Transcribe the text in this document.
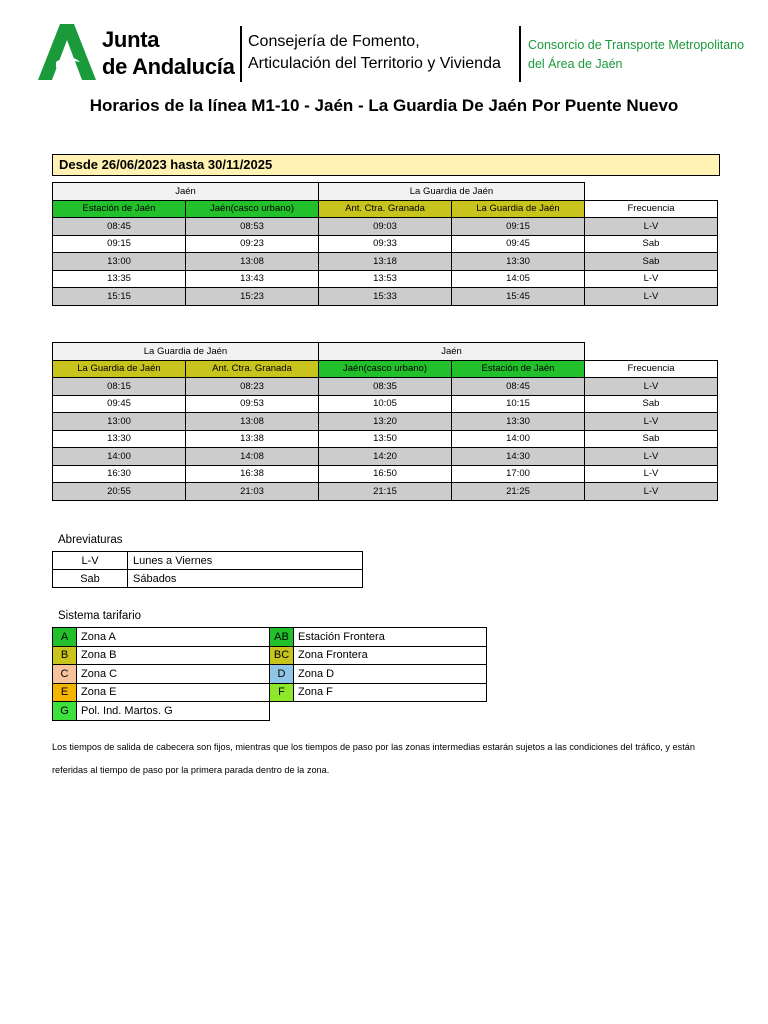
Junta
de Andalucía
Consejería de Fomento,
Articulación del Territorio y Vivienda
Consorcio de Transporte Metropolitano
del Área de Jaén
Horarios de la línea M1-10 - Jaén - La Guardia De Jaén Por Puente Nuevo
Desde 26/06/2023 hasta 30/11/2025
Jaén		La Guardia de Jaén		
Estación de Jaén	Jaén(casco urbano)	Ant. Ctra. Granada	La Guardia de Jaén	Frecuencia
08:45	08:53	09:03	09:15	L-V
09:15	09:23	09:33	09:45	Sab
13:00	13:08	13:18	13:30	Sab
13:35	13:43	13:53	14:05	L-V
15:15	15:23	15:33	15:45	L-V
La Guardia de Jaén		Jaén		
La Guardia de Jaén	Ant. Ctra. Granada	Jaén(casco urbano)	Estación de Jaén	Frecuencia
08:15	08:23	08:35	08:45	L-V
09:45	09:53	10:05	10:15	Sab
13:00	13:08	13:20	13:30	L-V
13:30	13:38	13:50	14:00	Sab
14:00	14:08	14:20	14:30	L-V
16:30	16:38	16:50	17:00	L-V
20:55	21:03	21:15	21:25	L-V
Abreviaturas
L-V	Lunes a Viernes
Sab	Sábados
Sistema tarifario
A	Zona A	AB	Estación Frontera
B	Zona B	BC	Zona Frontera
C	Zona C	D	Zona D
E	Zona E	F	Zona F
G	Pol. Ind. Martos. G		
Los tiempos de salida de cabecera son fijos, mientras que los tiempos de paso por las zonas intermedias estarán sujetos a las condiciones del tráfico, y están referidas al tiempo de paso por la primera parada dentro de la zona.
